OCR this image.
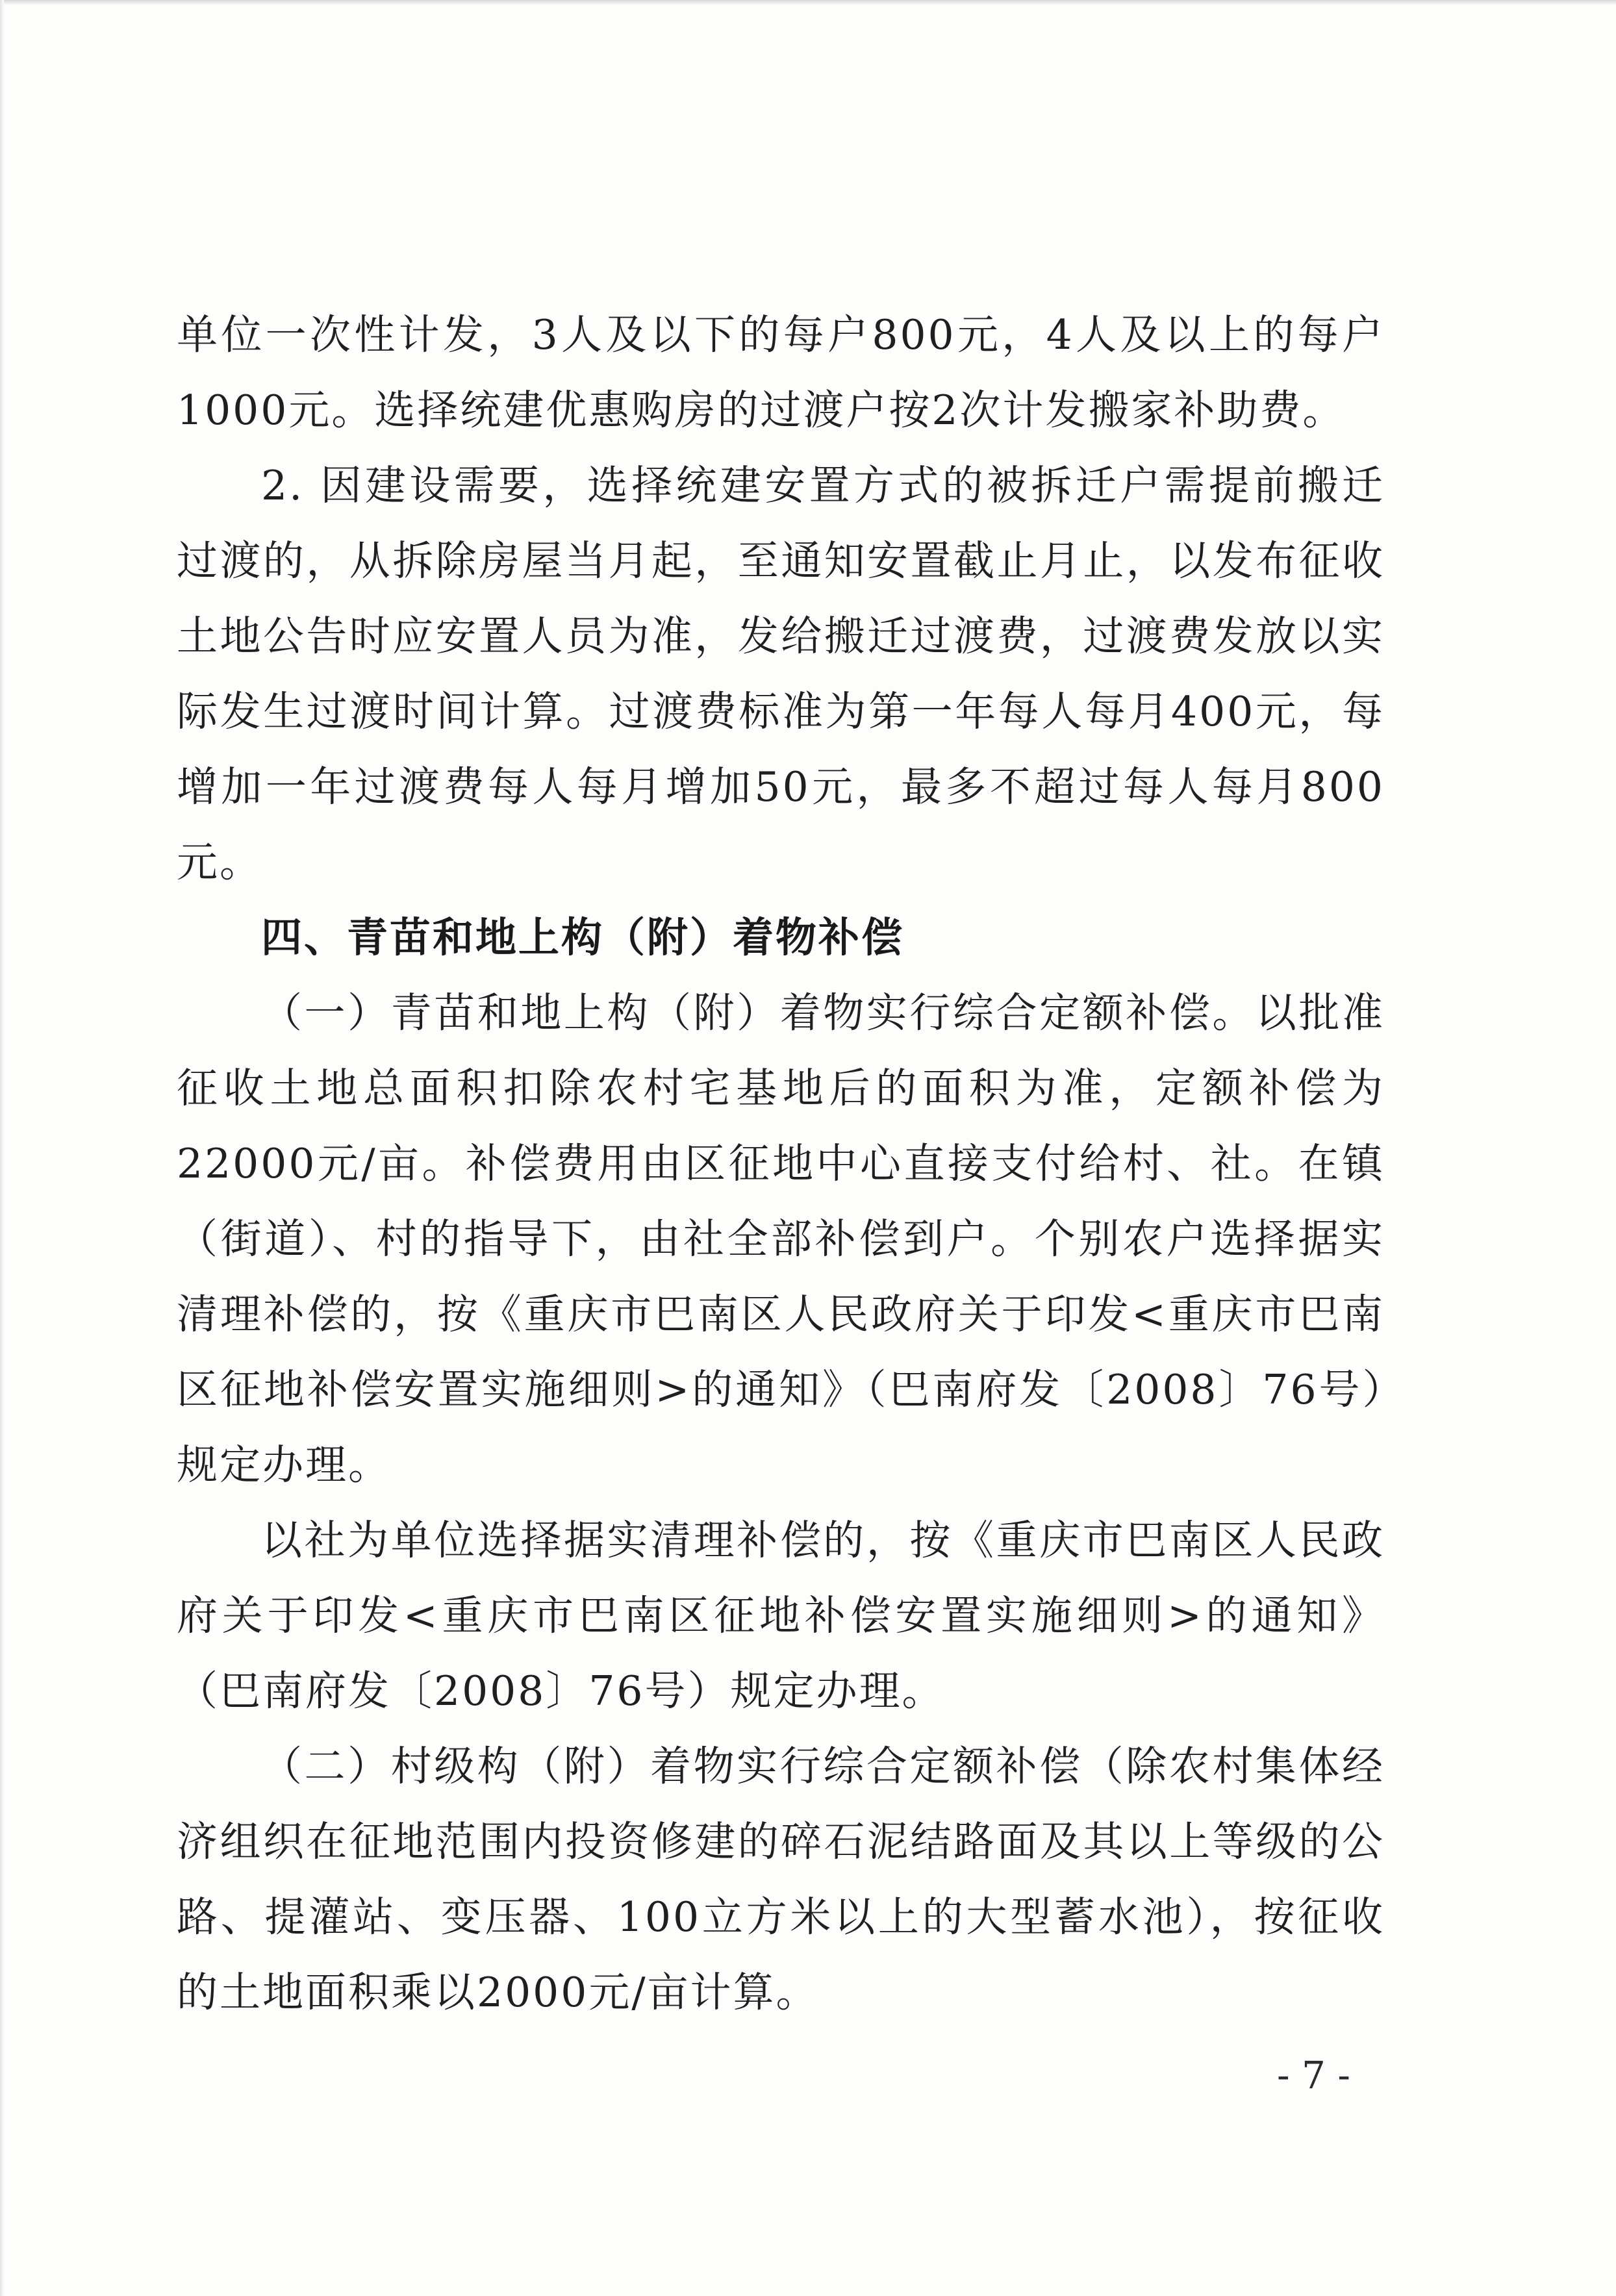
单位一次性计发，3人及以下的每户800元，4人及以上的每户1000元。选择统建优惠购房的过渡户按2次计发搬家补助费。

2. 因建设需要，选择统建安置方式的被拆迁户需提前搬迁过渡的，从拆除房屋当月起，至通知安置截止月止，以发布征收土地公告时应安置人员为准，发给搬迁过渡费，过渡费发放以实际发生过渡时间计算。过渡费标准为第一年每人每月400元，每增加一年过渡费每人每月增加50元，最多不超过每人每月800元。

四、青苗和地上构（附）着物补偿

（一）青苗和地上构（附）着物实行综合定额补偿。以批准征收土地总面积扣除农村宅基地后的面积为准，定额补偿为22000元/亩。补偿费用由区征地中心直接支付给村、社。在镇（街道）、村的指导下，由社全部补偿到户。个别农户选择据实清理补偿的，按《重庆市巴南区人民政府关于印发<重庆市巴南区征地补偿安置实施细则>的通知》（巴南府发〔2008〕76号）规定办理。

以社为单位选择据实清理补偿的，按《重庆市巴南区人民政府关于印发<重庆市巴南区征地补偿安置实施细则>的通知》（巴南府发〔2008〕76号）规定办理。

（二）村级构（附）着物实行综合定额补偿（除农村集体经济组织在征地范围内投资修建的碎石泥结路面及其以上等级的公路、提灌站、变压器、100立方米以上的大型蓄水池），按征收的土地面积乘以2000元/亩计算。

- 7 -
